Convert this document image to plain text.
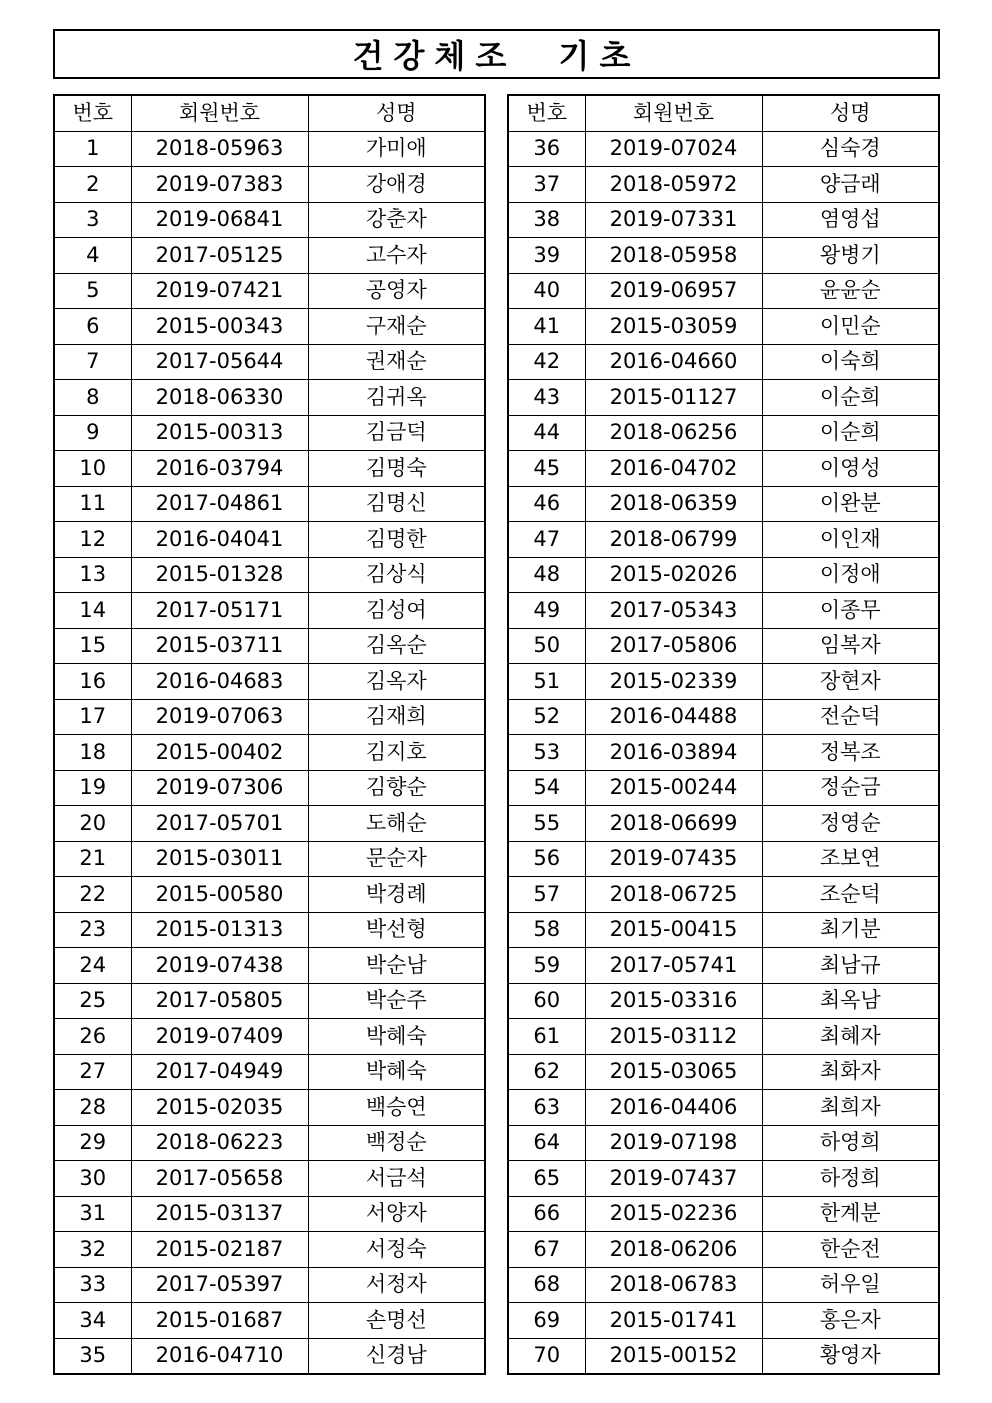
건강체조  기초
번호	회원번호	성명
1	2018-05963	가미애
2	2019-07383	강애경
3	2019-06841	강춘자
4	2017-05125	고수자
5	2019-07421	공영자
6	2015-00343	구재순
7	2017-05644	권재순
8	2018-06330	김귀옥
9	2015-00313	김금덕
10	2016-03794	김명숙
11	2017-04861	김명신
12	2016-04041	김명한
13	2015-01328	김상식
14	2017-05171	김성여
15	2015-03711	김옥순
16	2016-04683	김옥자
17	2019-07063	김재희
18	2015-00402	김지호
19	2019-07306	김향순
20	2017-05701	도해순
21	2015-03011	문순자
22	2015-00580	박경례
23	2015-01313	박선형
24	2019-07438	박순남
25	2017-05805	박순주
26	2019-07409	박혜숙
27	2017-04949	박혜숙
28	2015-02035	백승연
29	2018-06223	백정순
30	2017-05658	서금석
31	2015-03137	서양자
32	2015-02187	서정숙
33	2017-05397	서정자
34	2015-01687	손명선
35	2016-04710	신경남
번호	회원번호	성명
36	2019-07024	심숙경
37	2018-05972	양금래
38	2019-07331	염영섭
39	2018-05958	왕병기
40	2019-06957	윤윤순
41	2015-03059	이민순
42	2016-04660	이숙희
43	2015-01127	이순희
44	2018-06256	이순희
45	2016-04702	이영성
46	2018-06359	이완분
47	2018-06799	이인재
48	2015-02026	이정애
49	2017-05343	이종무
50	2017-05806	임복자
51	2015-02339	장현자
52	2016-04488	전순덕
53	2016-03894	정복조
54	2015-00244	정순금
55	2018-06699	정영순
56	2019-07435	조보연
57	2018-06725	조순덕
58	2015-00415	최기분
59	2017-05741	최남규
60	2015-03316	최옥남
61	2015-03112	최혜자
62	2015-03065	최화자
63	2016-04406	최희자
64	2019-07198	하영희
65	2019-07437	하정희
66	2015-02236	한계분
67	2018-06206	한순전
68	2018-06783	허우일
69	2015-01741	홍은자
70	2015-00152	황영자
